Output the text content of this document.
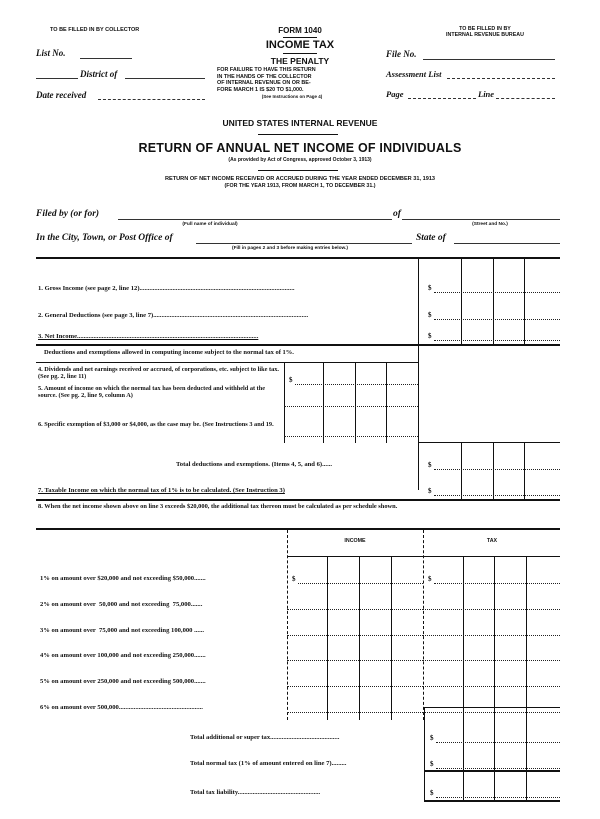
TO BE FILLED IN BY COLLECTOR
List No.
District of
Date received
FORM 1040
INCOME TAX
THE PENALTY
FOR FAILURE TO HAVE THIS RETURN
IN THE HANDS OF THE COLLECTOR
OF INTERNAL REVENUE ON OR BE-
FORE MARCH 1 IS $20 TO $1,000.
(See Instructions on Page 4)
TO BE FILLED IN BY
INTERNAL REVENUE BUREAU
File No.
Assessment List
Page	Line
UNITED STATES INTERNAL REVENUE
RETURN OF ANNUAL NET INCOME OF INDIVIDUALS
(As provided by Act of Congress, approved October 3, 1913)
RETURN OF NET INCOME RECEIVED OR ACCRUED DURING THE YEAR ENDED DECEMBER 31, 1913
(FOR THE YEAR 1913, FROM MARCH 1, TO DECEMBER 31.)
Filed by (or for)
(Full name of individual)
of
(Street and No.)
In the City, Town, or Post Office of
(Fill in pages 2 and 3 before making entries below.)
State of
1. Gross Income (see page 2, line 12)..............................................................................................	$
2. General Deductions (see page 3, line 7)..............................................................................................	$
3. Net Income..............................................................................................................	$
Deductions and exemptions allowed in computing income subject to the normal tax of 1%.
4. Dividends and net earnings received or accrued, of corporations, etc. subject to like tax. (See pg. 2, line 11)	$
5. Amount of income on which the normal tax has been deducted and withheld at the source. (See pg. 2, line 9, column A)
6. Specific exemption of $3,000 or $4,000, as the case may be. (See Instructions 3 and 19.
Total deductions and exemptions. (Items 4, 5, and 6)......	$
7. Taxable Income on which the normal tax of 1% is to be calculated. (See Instruction 3)	$
8. When the net income shown above on line 3 exceeds $20,000, the additional tax thereon must be calculated as per schedule shown.
INCOME	TAX
1% on amount over $20,000 and not exceeding $50,000.......	$	$
2% on amount over  50,000 and not exceeding  75,000.......
3% on amount over  75,000 and not exceeding 100,000 ......
4% on amount over 100,000 and not exceeding 250,000.......
5% on amount over 250,000 and not exceeding 500,000.......
6% on amount over 500,000...................................................
Total additional or super tax..........................................	$
Total normal tax (1% of amount entered on line 7).........	$
Total tax liability..................................................	$
